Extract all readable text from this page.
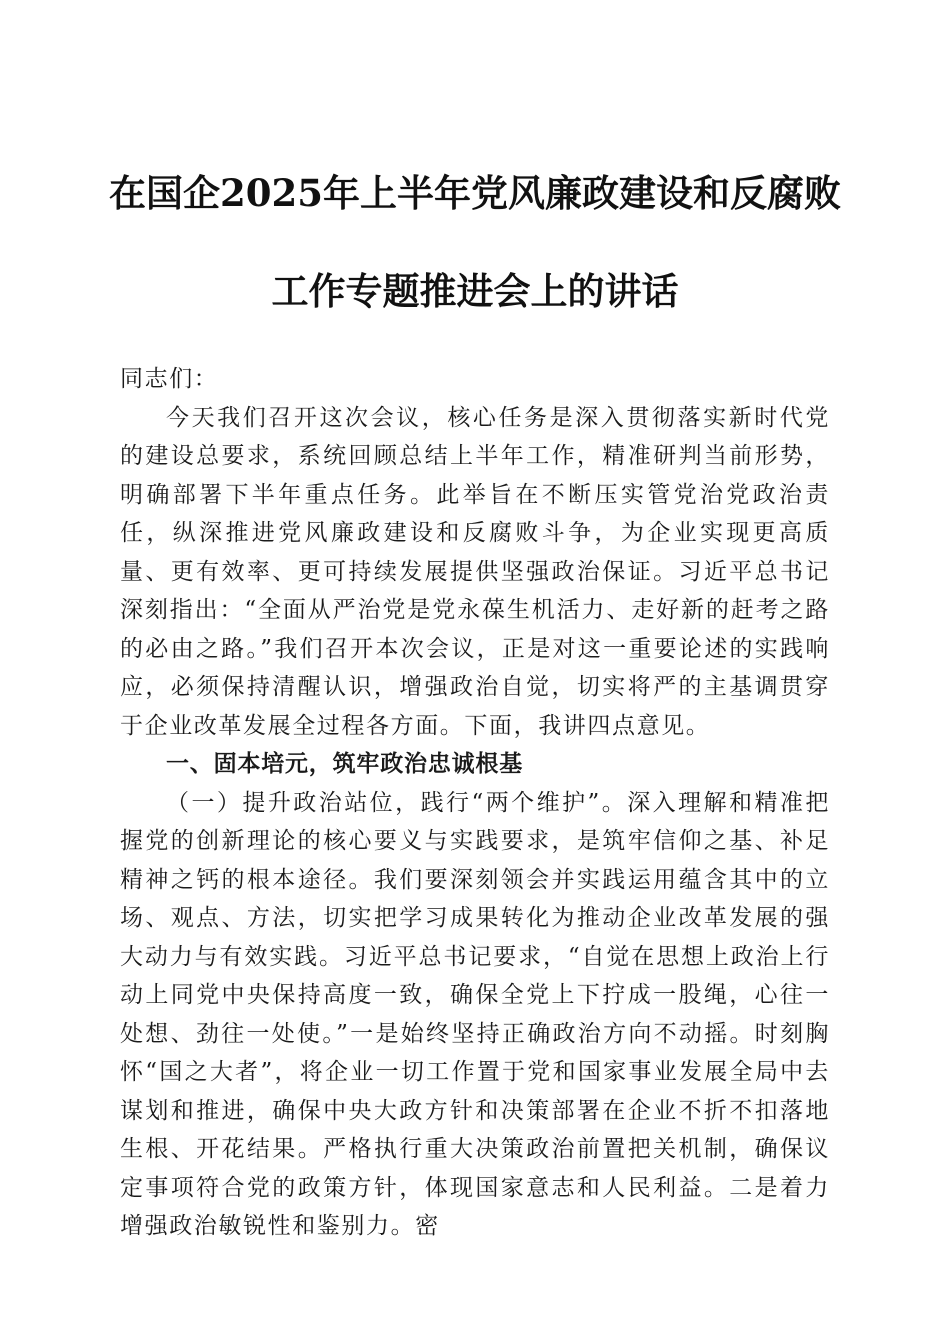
在国企2025年上半年党风廉政建设和反腐败
工作专题推进会上的讲话

同志们：

今天我们召开这次会议，核心任务是深入贯彻落实新时代党的建设总要求，系统回顾总结上半年工作，精准研判当前形势，明确部署下半年重点任务。此举旨在不断压实管党治党政治责任，纵深推进党风廉政建设和反腐败斗争，为企业实现更高质量、更有效率、更可持续发展提供坚强政治保证。习近平总书记深刻指出：“全面从严治党是党永葆生机活力、走好新的赶考之路的必由之路。”我们召开本次会议，正是对这一重要论述的实践响应，必须保持清醒认识，增强政治自觉，切实将严的主基调贯穿于企业改革发展全过程各方面。下面，我讲四点意见。

一、固本培元，筑牢政治忠诚根基

（一）提升政治站位，践行“两个维护”。深入理解和精准把握党的创新理论的核心要义与实践要求，是筑牢信仰之基、补足精神之钙的根本途径。我们要深刻领会并实践运用蕴含其中的立场、观点、方法，切实把学习成果转化为推动企业改革发展的强大动力与有效实践。习近平总书记要求，“自觉在思想上政治上行动上同党中央保持高度一致，确保全党上下拧成一股绳，心往一处想、劲往一处使。”一是始终坚持正确政治方向不动摇。时刻胸怀“国之大者”，将企业一切工作置于党和国家事业发展全局中去谋划和推进，确保中央大政方针和决策部署在企业不折不扣落地生根、开花结果。严格执行重大决策政治前置把关机制，确保议定事项符合党的政策方针，体现国家意志和人民利益。二是着力增强政治敏锐性和鉴别力。密
